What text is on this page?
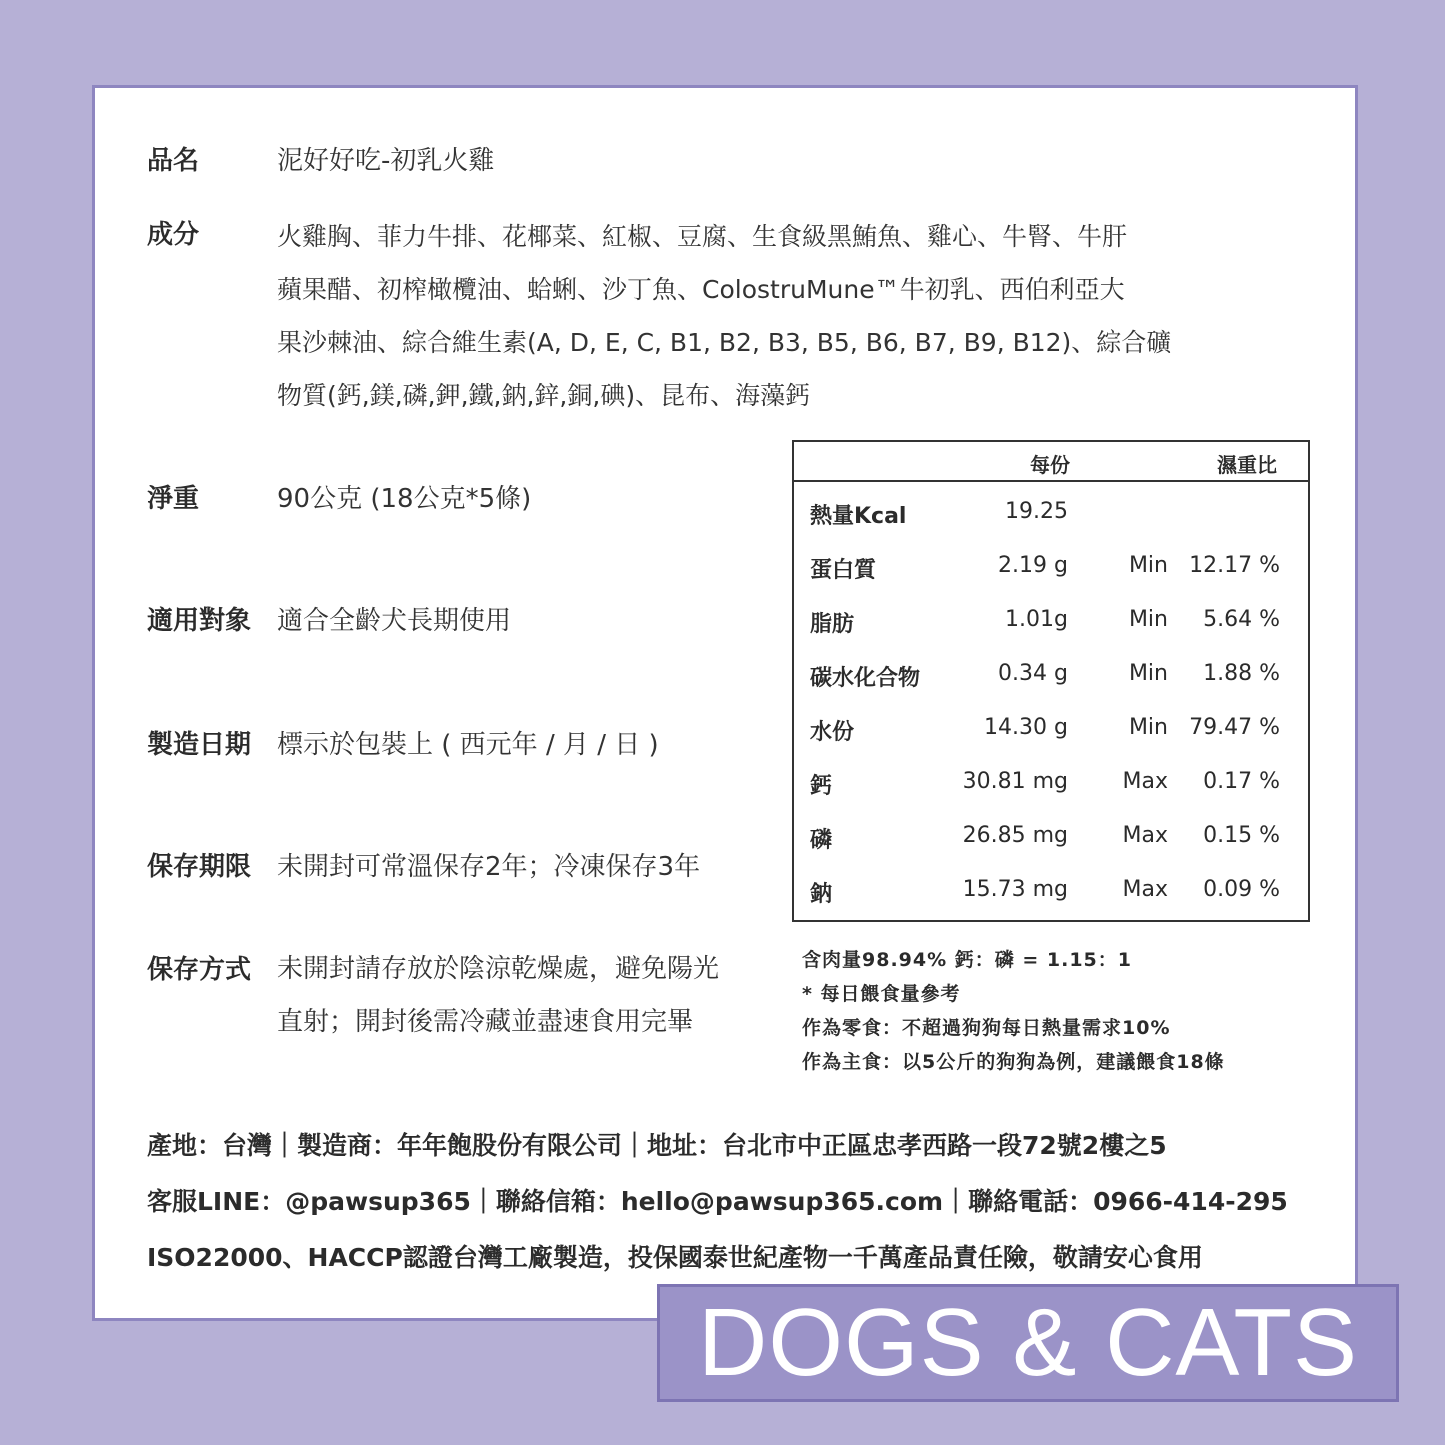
品名	泥好好吃-初乳火雞
成分	火雞胸、菲力牛排、花椰菜、紅椒、豆腐、生食級黑鮪魚、雞心、牛腎、牛肝
蘋果醋、初榨橄欖油、蛤蜊、沙丁魚、ColostruMune™牛初乳、西伯利亞大
果沙棘油、綜合維生素(A, D, E, C, B1, B2, B3, B5, B6, B7, B9, B12)、綜合礦
物質(鈣,鎂,磷,鉀,鐵,鈉,鋅,銅,碘)、昆布、海藻鈣
淨重	90公克 (18公克*5條)
適用對象 適合全齡犬長期使用
製造日期 標示於包裝上 ( 西元年 / 月 / 日 )
保存期限 未開封可常溫保存2年；冷凍保存3年
保存方式 未開封請存放於陰涼乾燥處，避免陽光
直射；開封後需冷藏並盡速食用完畢
每份	濕重比
熱量Kcal	19.25
蛋白質	2.19 g	Min 12.17 %
脂肪	1.01g	Min 5.64 %
碳水化合物	0.34 g	Min 1.88 %
水份	14.30 g	Min 79.47 %
鈣	30.81 mg Max 0.17 %
磷	26.85 mg Max 0.15 %
鈉	15.73 mg Max 0.09 %
含肉量98.94% 鈣：磷 = 1.15：1
* 每日餵食量參考
作為零食：不超過狗狗每日熱量需求10%
作為主食：以5公斤的狗狗為例，建議餵食18條
產地：台灣｜製造商：年年飽股份有限公司｜地址：台北市中正區忠孝西路一段72號2樓之5
客服LINE：@pawsup365｜聯絡信箱：hello@pawsup365.com｜聯絡電話：0966-414-295
ISO22000、HACCP認證台灣工廠製造，投保國泰世紀產物一千萬產品責任險，敬請安心食用
DOGS & CATS
